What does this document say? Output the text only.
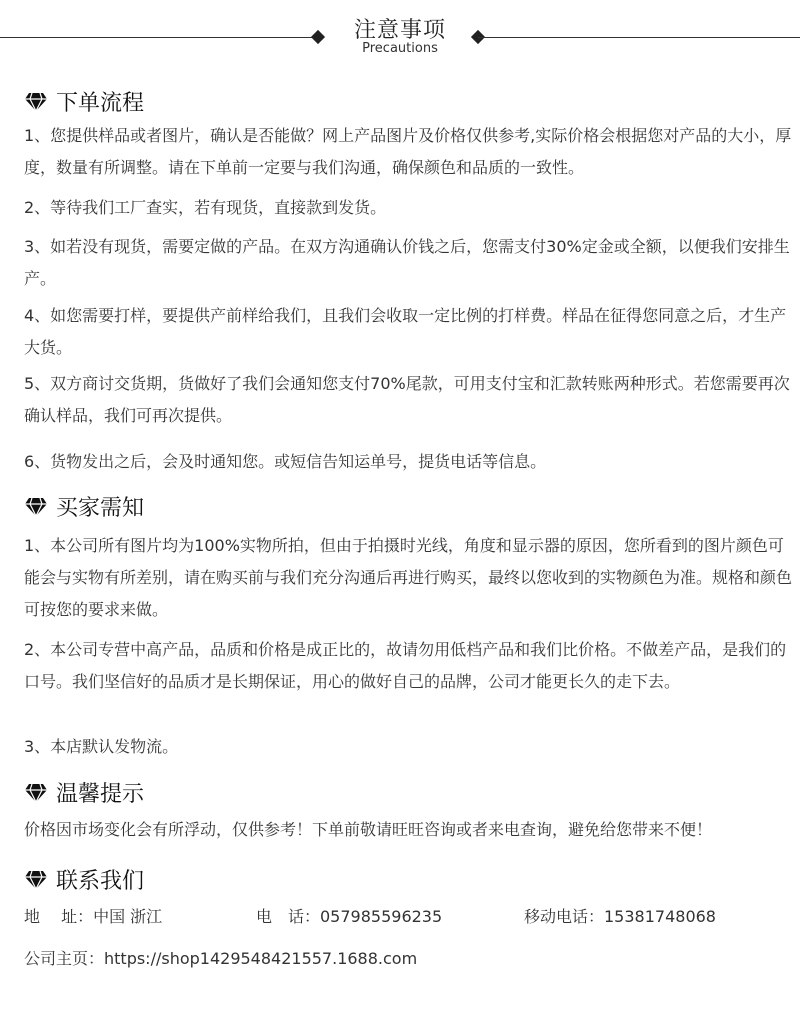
注意事项
Precautions
下单流程
1、您提供样品或者图片，确认是否能做？网上产品图片及价格仅供参考,实际价格会根据您对产品的大小，厚度，数量有所调整。请在下单前一定要与我们沟通，确保颜色和品质的一致性。
2、等待我们工厂查实，若有现货，直接款到发货。
3、如若没有现货，需要定做的产品。在双方沟通确认价钱之后，您需支付30%定金或全额，以便我们安排生产。
4、如您需要打样，要提供产前样给我们，且我们会收取一定比例的打样费。样品在征得您同意之后，才生产大货。
5、双方商讨交货期，货做好了我们会通知您支付70%尾款，可用支付宝和汇款转账两种形式。若您需要再次确认样品，我们可再次提供。
6、货物发出之后，会及时通知您。或短信告知运单号，提货电话等信息。
买家需知
1、本公司所有图片均为100%实物所拍，但由于拍摄时光线，角度和显示器的原因，您所看到的图片颜色可能会与实物有所差别，请在购买前与我们充分沟通后再进行购买，最终以您收到的实物颜色为准。规格和颜色可按您的要求来做。
2、本公司专营中高产品，品质和价格是成正比的，故请勿用低档产品和我们比价格。不做差产品，是我们的口号。我们坚信好的品质才是长期保证，用心的做好自己的品牌，公司才能更长久的走下去。
3、本店默认发物流。
温馨提示
价格因市场变化会有所浮动，仅供参考！下单前敬请旺旺咨询或者来电查询，避免给您带来不便！
联系我们
地　 址：中国 浙江	电　话：057985596235	移动电话：15381748068
公司主页：https://shop1429548421557.1688.com
